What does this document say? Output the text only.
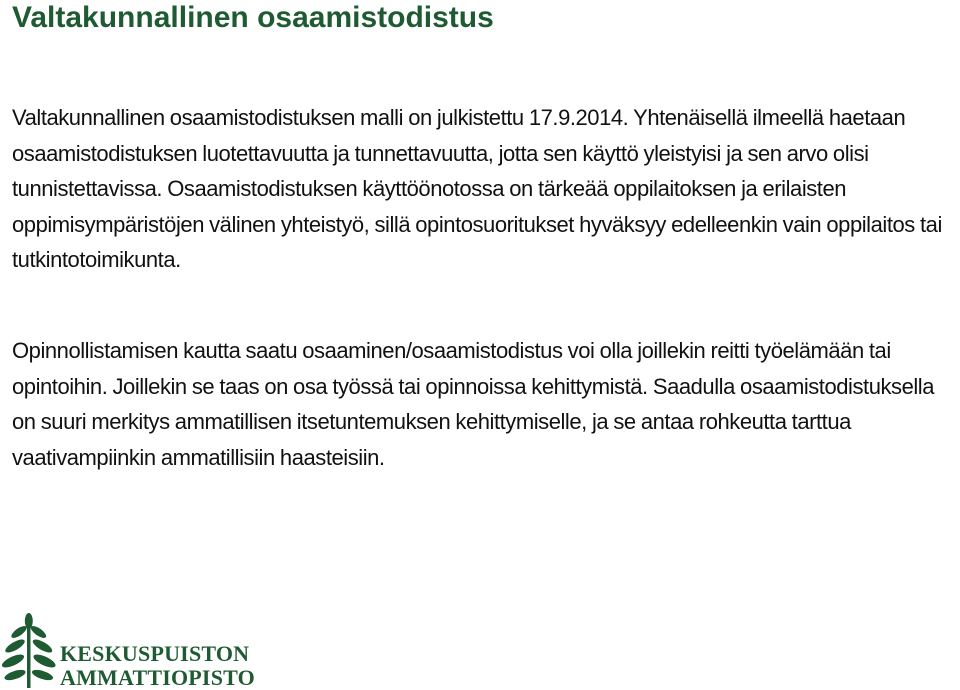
Valtakunnallinen osaamistodistus

Valtakunnallinen osaamistodistuksen malli on julkistettu 17.9.2014. Yhtenäisellä ilmeellä haetaan osaamistodistuksen luotettavuutta ja tunnettavuutta, jotta sen käyttö yleistyisi ja sen arvo olisi tunnistettavissa. Osaamistodistuksen käyttöönotossa on tärkeää oppilaitoksen ja erilaisten oppimisympäristöjen välinen yhteistyö, sillä opintosuoritukset hyväksyy edelleenkin vain oppilaitos tai tutkintotoimikunta.

Opinnollistamisen kautta saatu osaaminen/osaamistodistus voi olla joillekin reitti työelämään tai opintoihin. Joillekin se taas on osa työssä tai opinnoissa kehittymistä. Saadulla osaamistodistuksella on suuri merkitys ammatillisen itsetuntemuksen kehittymiselle, ja se antaa rohkeutta tarttua vaativampiinkin ammatillisiin haasteisiin.

KESKUSPUISTON
AMMATTIOPISTO
